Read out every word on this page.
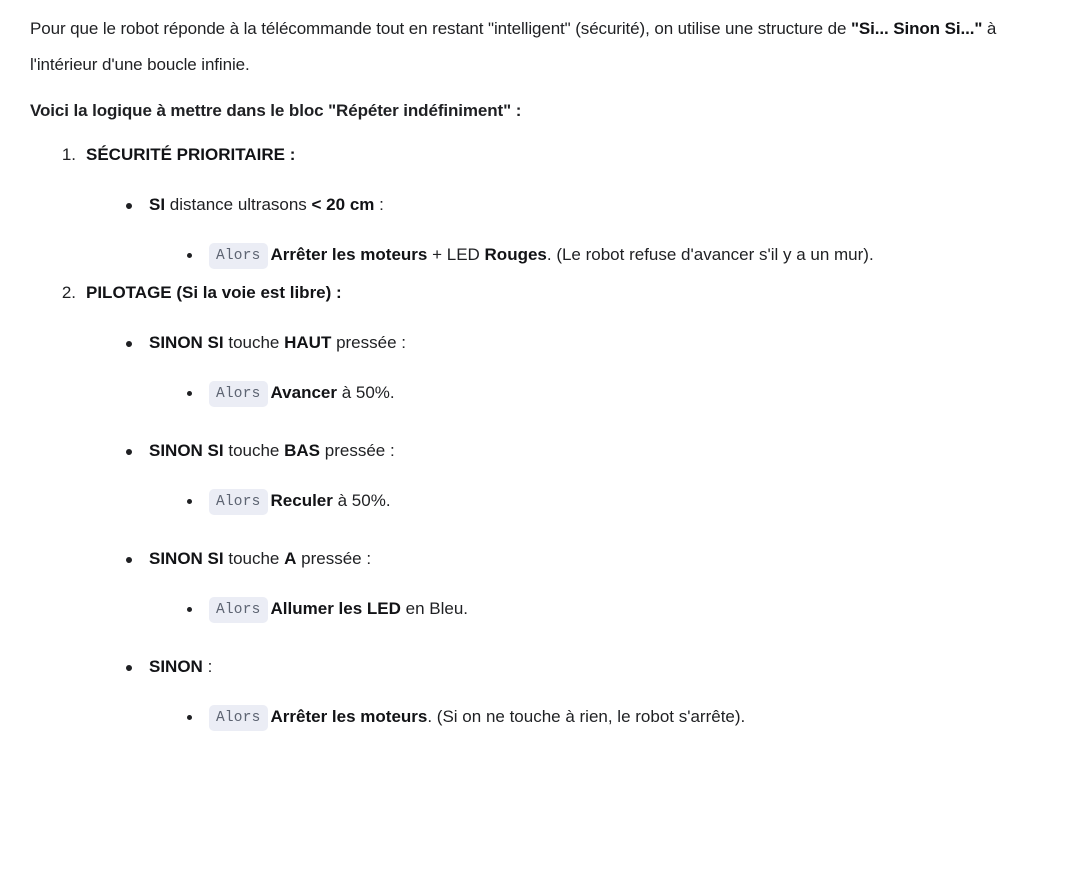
Pour que le robot réponde à la télécommande tout en restant "intelligent" (sécurité), on utilise une structure de "Si... Sinon Si..." à l'intérieur d'une boucle infinie.

Voici la logique à mettre dans le bloc "Répéter indéfiniment" :

1. SÉCURITÉ PRIORITAIRE :
SI distance ultrasons < 20 cm :
Alors Arrêter les moteurs + LED Rouges. (Le robot refuse d'avancer s'il y a un mur).
2. PILOTAGE (Si la voie est libre) :
SINON SI touche HAUT pressée :
Alors Avancer à 50%.
SINON SI touche BAS pressée :
Alors Reculer à 50%.
SINON SI touche A pressée :
Alors Allumer les LED en Bleu.
SINON :
Alors Arrêter les moteurs. (Si on ne touche à rien, le robot s'arrête).
